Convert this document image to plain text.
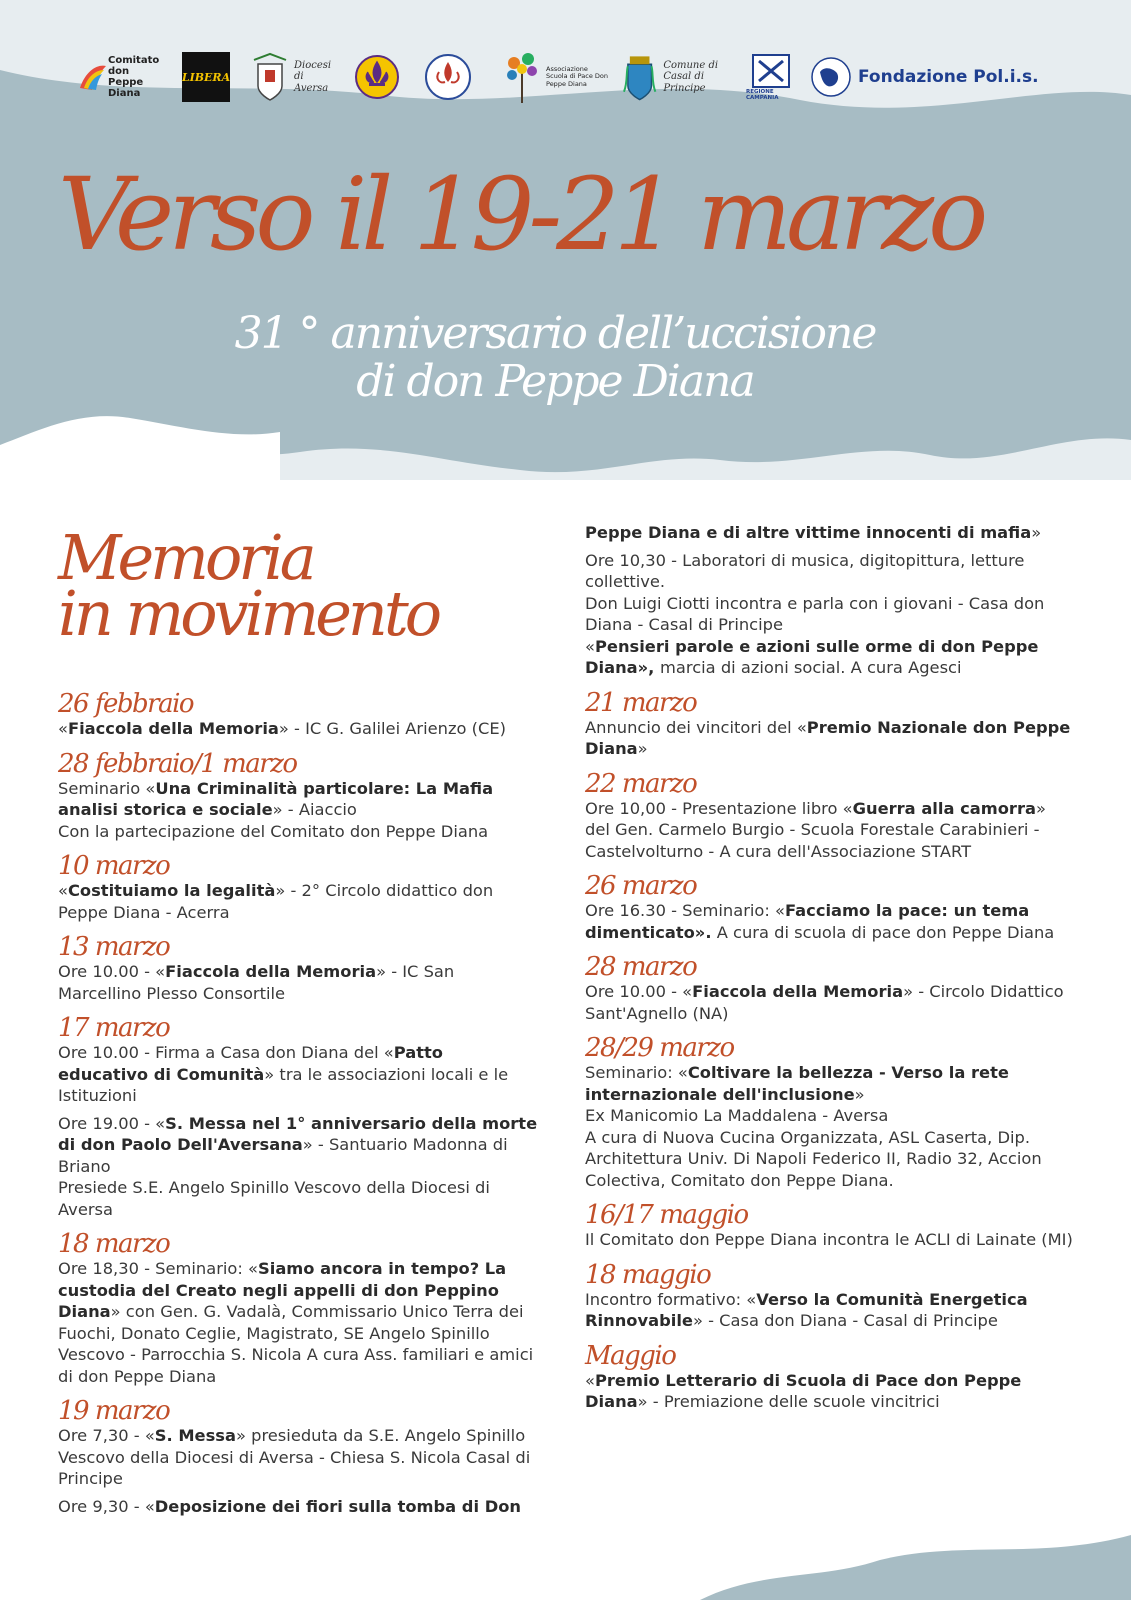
Comitato don Peppe Diana
LIBERA
Diocesi di Aversa
Associazione Scuola di Pace Don Peppe Diana
Comune di Casal di Principe	REGIONE CAMPANIA
Fondazione Pol.i.s.
Verso il 19-21 marzo
31 ° anniversario dell’uccisione
di don Peppe Diana
Memoria
in movimento
26 febbraio

«Fiaccola della Memoria» - IC G. Galilei Arienzo (CE)

28 febbraio/1 marzo

Seminario «Una Criminalità particolare: La Mafia analisi storica e sociale» - Aiaccio
Con la partecipazione del Comitato don Peppe Diana

10 marzo

«Costituiamo la legalità» - 2° Circolo didattico don Peppe Diana - Acerra

13 marzo

Ore 10.00 - «Fiaccola della Memoria» - IC San Marcellino Plesso Consortile

17 marzo

Ore 10.00 - Firma a Casa don Diana del «Patto educativo di Comunità» tra le associazioni locali e le Istituzioni

Ore 19.00 - «S. Messa nel 1° anniversario della morte di don Paolo Dell'Aversana» - Santuario Madonna di Briano
Presiede S.E. Angelo Spinillo Vescovo della Diocesi di Aversa

18 marzo

Ore 18,30 - Seminario: «Siamo ancora in tempo? La custodia del Creato negli appelli di don Peppino Diana» con Gen. G. Vadalà, Commissario Unico Terra dei Fuochi, Donato Ceglie, Magistrato, SE Angelo Spinillo Vescovo - Parrocchia S. Nicola A cura Ass. familiari e amici di don Peppe Diana

19 marzo

Ore 7,30 - «S. Messa» presieduta da S.E. Angelo Spinillo Vescovo della Diocesi di Aversa - Chiesa S. Nicola Casal di Principe

Ore 9,30 - «Deposizione dei fiori sulla tomba di Don

Peppe Diana e di altre vittime innocenti di mafia»

Ore 10,30 - Laboratori di musica, digitopittura, letture collettive.
Don Luigi Ciotti incontra e parla con i giovani - Casa don Diana - Casal di Principe
«Pensieri parole e azioni sulle orme di don Peppe Diana», marcia di azioni social. A cura Agesci

21 marzo

Annuncio dei vincitori del «Premio Nazionale don Peppe Diana»

22 marzo

Ore 10,00 - Presentazione libro «Guerra alla camorra» del Gen. Carmelo Burgio - Scuola Forestale Carabinieri - Castelvolturno - A cura dell'Associazione START

26 marzo

Ore 16.30 - Seminario: «Facciamo la pace: un tema dimenticato». A cura di scuola di pace don Peppe Diana

28 marzo

Ore 10.00 - «Fiaccola della Memoria» - Circolo Didattico Sant'Agnello (NA)

28/29 marzo

Seminario: «Coltivare la bellezza - Verso la rete internazionale dell'inclusione»
Ex Manicomio La Maddalena - Aversa
A cura di Nuova Cucina Organizzata, ASL Caserta, Dip. Architettura Univ. Di Napoli Federico II, Radio 32, Accion Colectiva, Comitato don Peppe Diana.

16/17 maggio

Il Comitato don Peppe Diana incontra le ACLI di Lainate (MI)

18 maggio

Incontro formativo: «Verso la Comunità Energetica Rinnovabile» - Casa don Diana - Casal di Principe

Maggio

«Premio Letterario di Scuola di Pace don Peppe Diana» - Premiazione delle scuole vincitrici
